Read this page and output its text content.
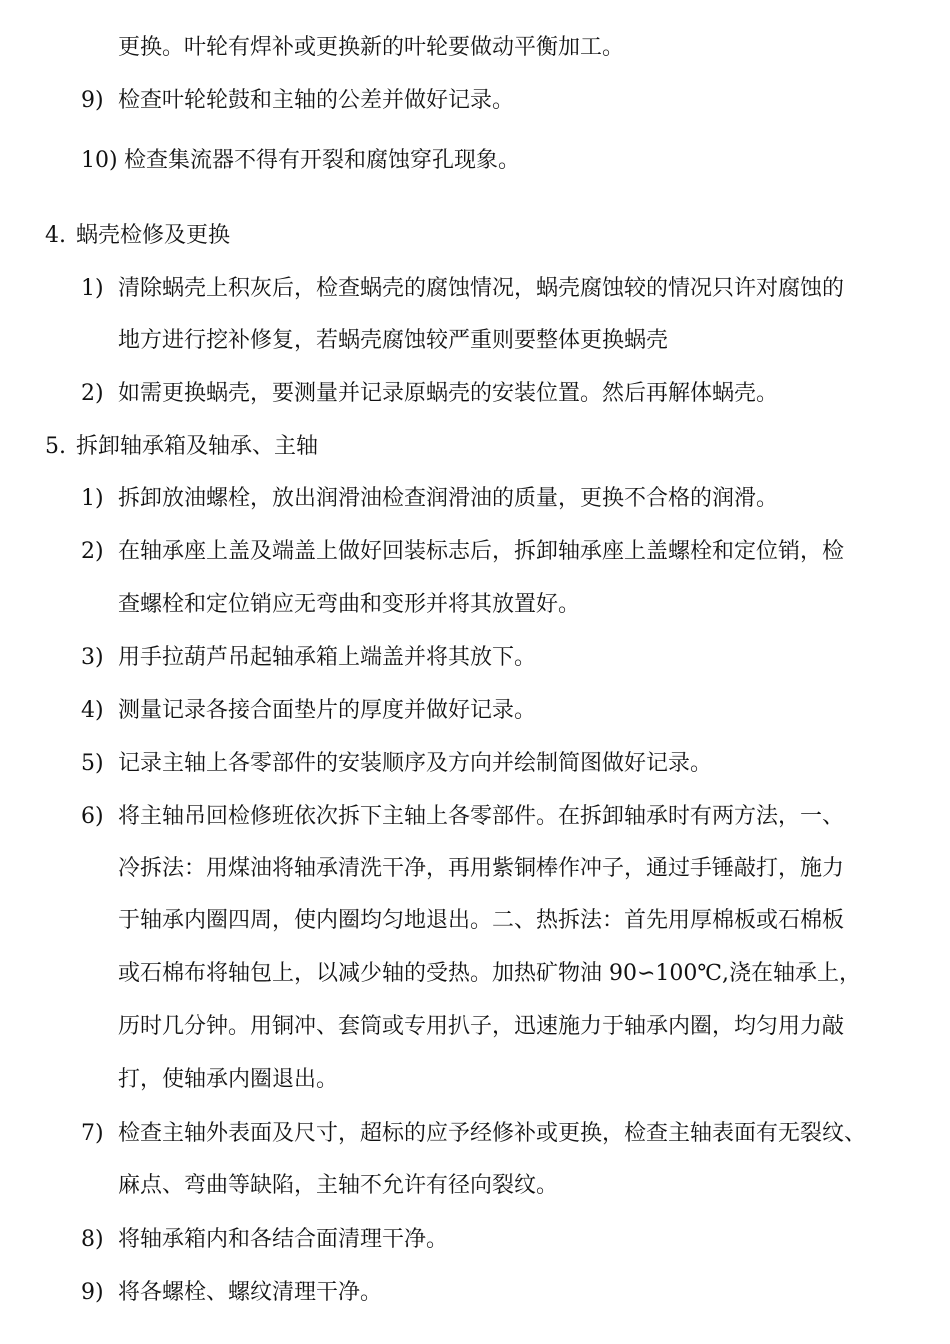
更换。叶轮有焊补或更换新的叶轮要做动平衡加工。
9) 检查叶轮轮鼓和主轴的公差并做好记录。
10) 检查集流器不得有开裂和腐蚀穿孔现象。
4. 蜗壳检修及更换
1) 清除蜗壳上积灰后，检查蜗壳的腐蚀情况，蜗壳腐蚀较的情况只许对腐蚀的
地方进行挖补修复，若蜗壳腐蚀较严重则要整体更换蜗壳
2) 如需更换蜗壳，要测量并记录原蜗壳的安装位置。然后再解体蜗壳。
5. 拆卸轴承箱及轴承、主轴
1) 拆卸放油螺栓，放出润滑油检查润滑油的质量，更换不合格的润滑。
2) 在轴承座上盖及端盖上做好回装标志后，拆卸轴承座上盖螺栓和定位销，检
查螺栓和定位销应无弯曲和变形并将其放置好。
3) 用手拉葫芦吊起轴承箱上端盖并将其放下。
4) 测量记录各接合面垫片的厚度并做好记录。
5) 记录主轴上各零部件的安装顺序及方向并绘制简图做好记录。
6) 将主轴吊回检修班依次拆下主轴上各零部件。在拆卸轴承时有两方法，一、
冷拆法：用煤油将轴承清洗干净，再用紫铜棒作冲子，通过手锤敲打，施力
于轴承内圈四周，使内圈均匀地退出。二、热拆法：首先用厚棉板或石棉板
或石棉布将轴包上，以减少轴的受热。加热矿物油 90∽100℃,浇在轴承上，
历时几分钟。用铜冲、套筒或专用扒子，迅速施力于轴承内圈，均匀用力敲
打，使轴承内圈退出。
7) 检查主轴外表面及尺寸，超标的应予经修补或更换，检查主轴表面有无裂纹、
麻点、弯曲等缺陷，主轴不允许有径向裂纹。
8) 将轴承箱内和各结合面清理干净。
9) 将各螺栓、螺纹清理干净。
